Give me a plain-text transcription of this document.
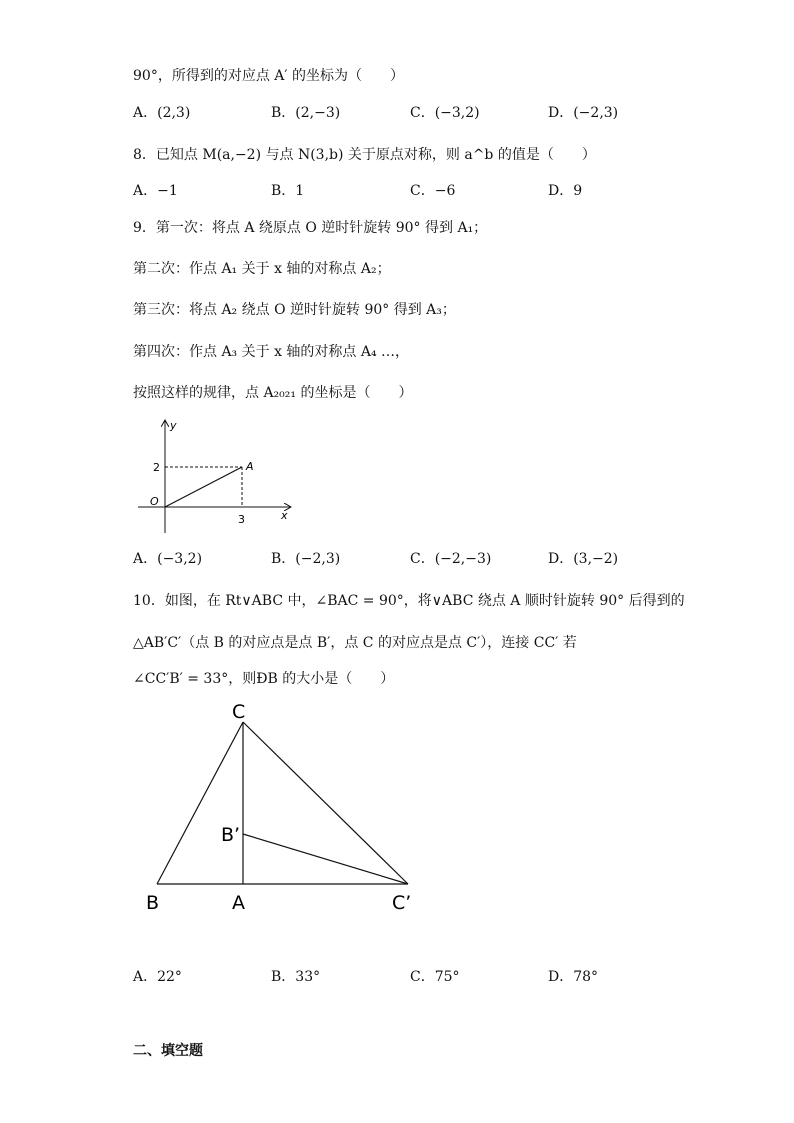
90°，所得到的对应点 A′ 的坐标为（　　）
A．(2,3)	B．(2,−3)	C．(−3,2)	D．(−2,3)
8．已知点 M(a,−2) 与点 N(3,b) 关于原点对称，则 a^b 的值是（　　）
A．−1	B．1	C．−6	D．9
9．第一次：将点 A 绕原点 O 逆时针旋转 90° 得到 A₁；
第二次：作点 A₁ 关于 x 轴的对称点 A₂；
第三次：将点 A₂ 绕点 O 逆时针旋转 90° 得到 A₃；
第四次：作点 A₃ 关于 x 轴的对称点 A₄ …，
按照这样的规律，点 A₂₀₂₁ 的坐标是（　　）
y
x
O
A
2
3
A．(−3,2)	B．(−2,3)	C．(−2,−3)	D．(3,−2)
10．如图，在 Rt∨ABC 中，∠BAC = 90°，将∨ABC 绕点 A 顺时针旋转 90° 后得到的
△AB′C′（点 B 的对应点是点 B′，点 C 的对应点是点 C′），连接 CC′ 若
∠CC′B′ = 33°，则ÐB 的大小是（　　）
C
B’
B	A	C’
A．22°	B．33°	C．75°	D．78°
二、填空题
